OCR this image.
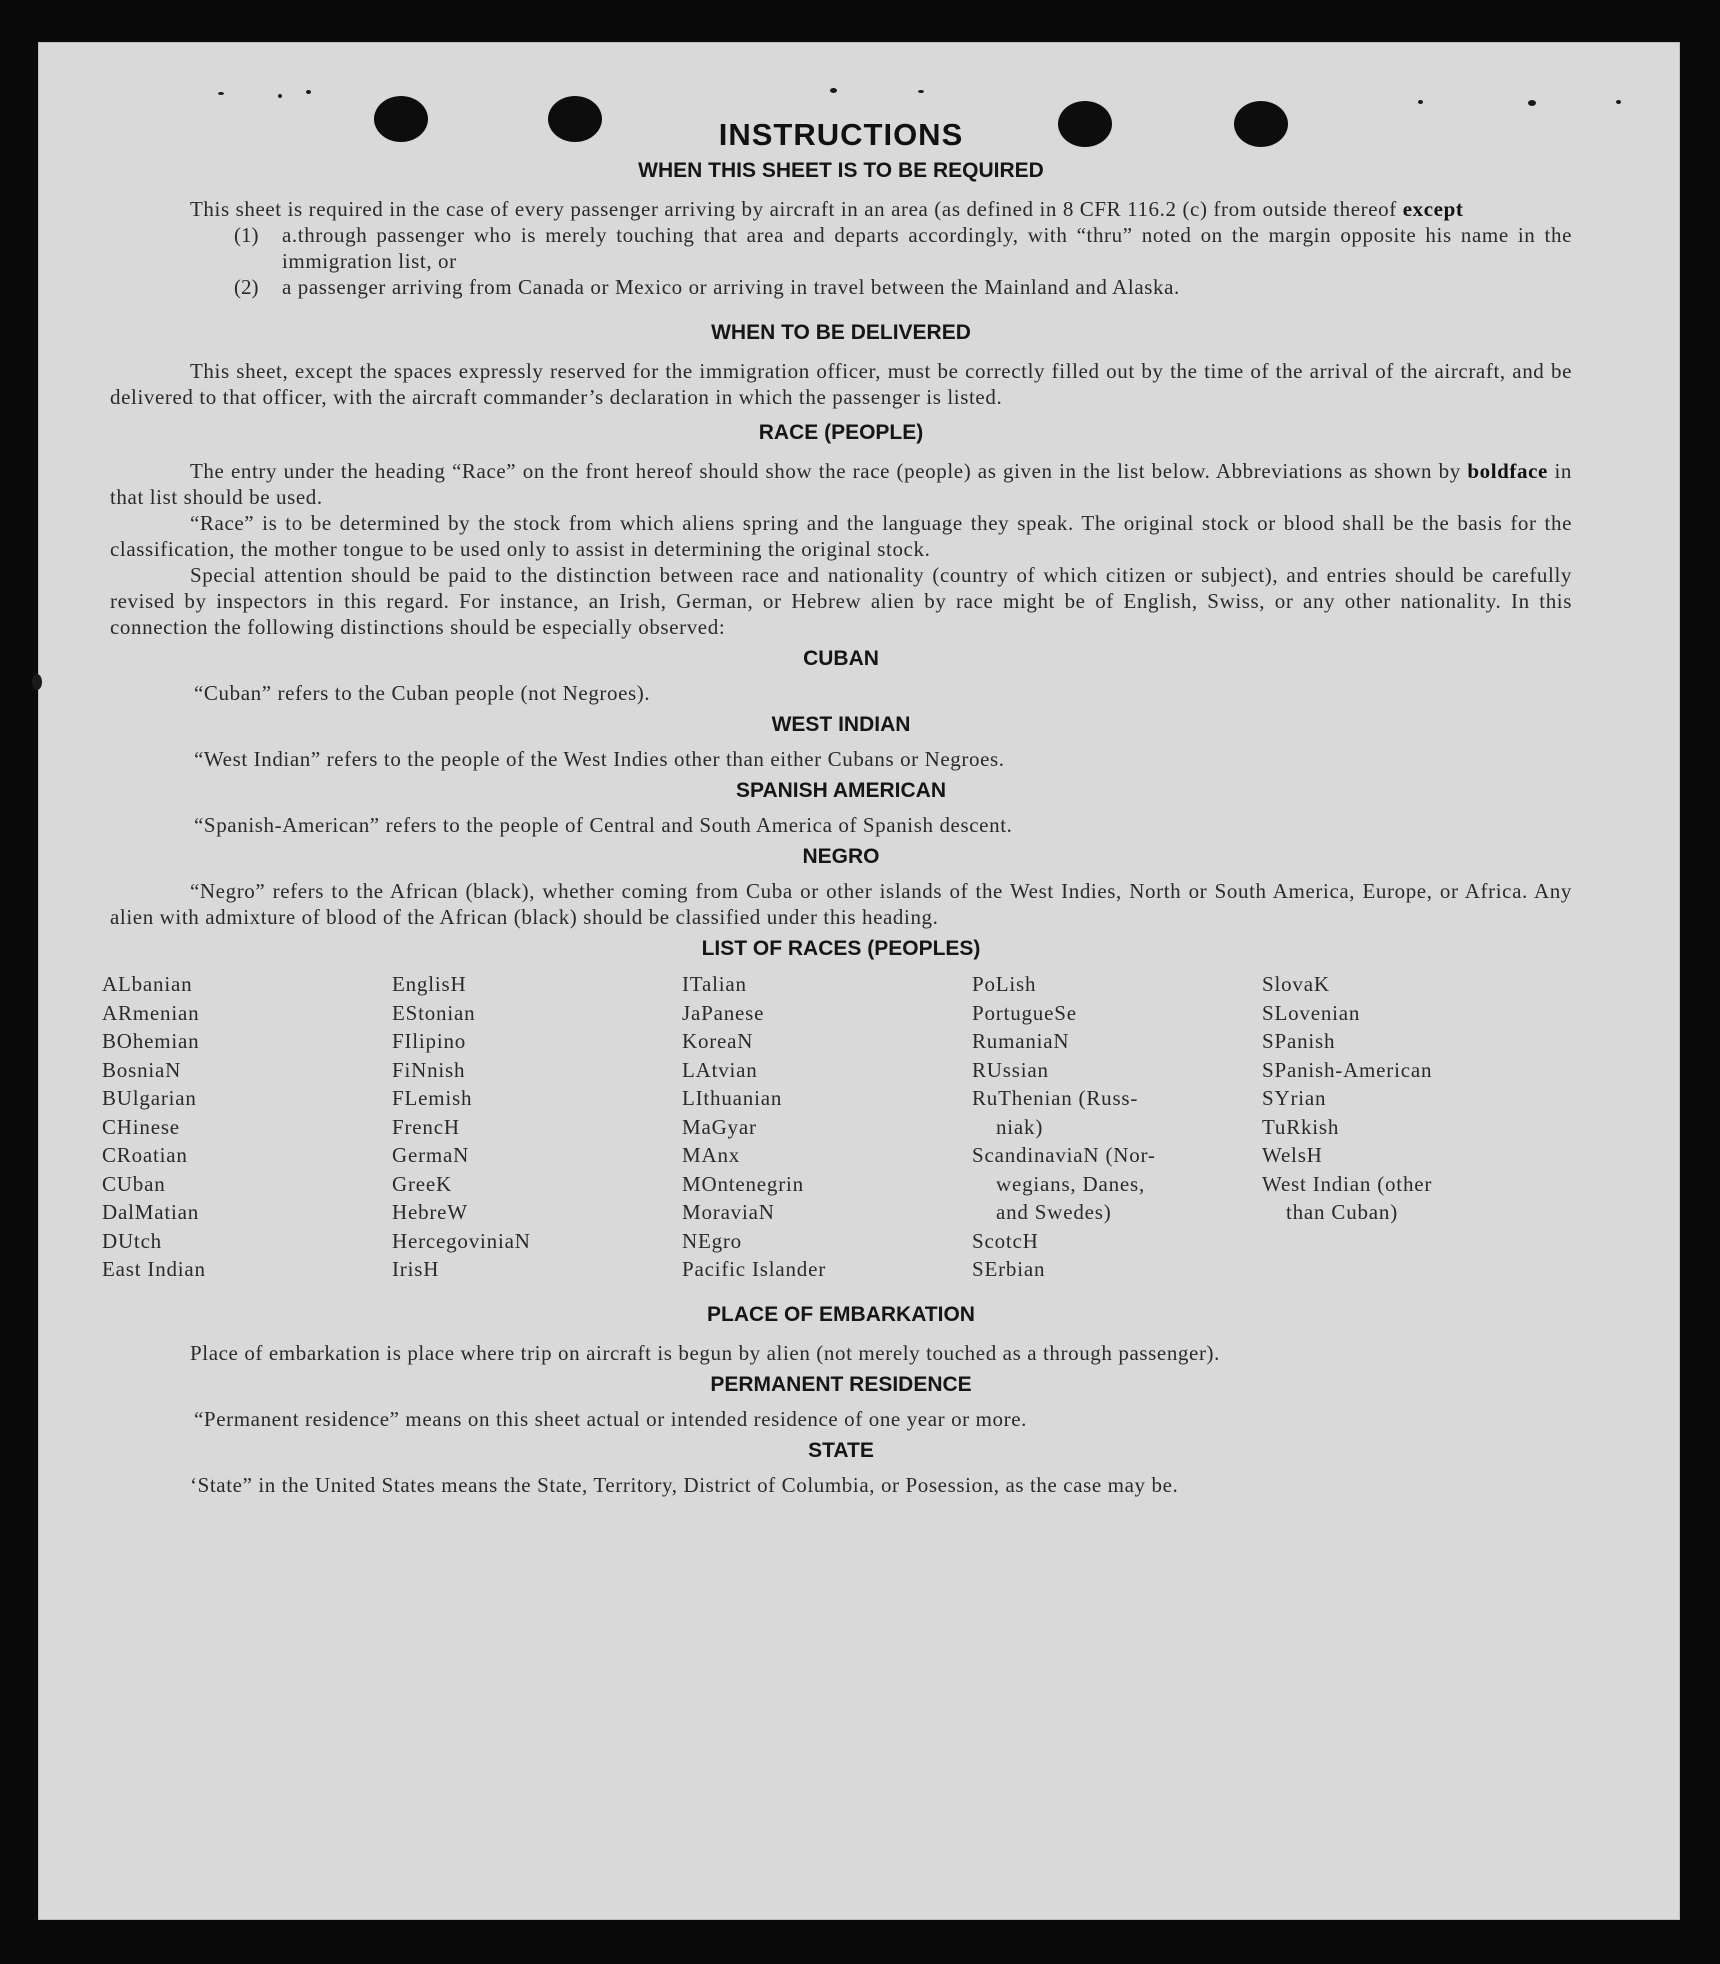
INSTRUCTIONS
WHEN THIS SHEET IS TO BE REQUIRED

This sheet is required in the case of every passenger arriving by aircraft in an area (as defined in 8 CFR 116.2 (c) from outside thereof except

(1)	a.through passenger who is merely touching that area and departs accordingly, with “thru” noted on the margin opposite his name in the immigration list, or
(2)	a passenger arriving from Canada or Mexico or arriving in travel between the Mainland and Alaska.
WHEN TO BE DELIVERED

This sheet, except the spaces expressly reserved for the immigration officer, must be correctly filled out by the time of the arrival of the aircraft, and be delivered to that officer, with the aircraft commander’s declaration in which the passenger is listed.

RACE (PEOPLE)

The entry under the heading “Race” on the front hereof should show the race (people) as given in the list below. Abbreviations as shown by boldface in that list should be used.

“Race” is to be determined by the stock from which aliens spring and the language they speak. The original stock or blood shall be the basis for the classification, the mother tongue to be used only to assist in determining the original stock.

Special attention should be paid to the distinction between race and nationality (country of which citizen or subject), and entries should be carefully revised by inspectors in this regard. For instance, an Irish, German, or Hebrew alien by race might be of English, Swiss, or any other nationality. In this connection the following distinctions should be especially observed:

CUBAN

“Cuban” refers to the Cuban people (not Negroes).

WEST INDIAN

“West Indian” refers to the people of the West Indies other than either Cubans or Negroes.

SPANISH AMERICAN

“Spanish-American” refers to the people of Central and South America of Spanish descent.

NEGRO

“Negro” refers to the African (black), whether coming from Cuba or other islands of the West Indies, North or South America, Europe, or Africa. Any alien with admixture of blood of the African (black) should be classified under this heading.

LIST OF RACES (PEOPLES)
ALbanian
ARmenian
BOhemian
BosniaN
BUlgarian
CHinese
CRoatian
CUban
DalMatian
DUtch
East Indian
EnglisH
EStonian
FIlipino
FiNnish
FLemish
FrencH
GermaN
GreeK
HebreW
HercegoviniaN
IrisH
ITalian
JaPanese
KoreaN
LAtvian
LIthuanian
MaGyar
MAnx
MOntenegrin
MoraviaN
NEgro
Pacific Islander
PoLish
PortugueSe
RumaniaN
RUssian
RuThenian (Russ-
niak)
ScandinaviaN (Nor-
wegians, Danes,
and Swedes)
ScotcH
SErbian
SlovaK
SLovenian
SPanish
SPanish-American
SYrian
TuRkish
WelsH
West Indian (other
than Cuban)
PLACE OF EMBARKATION

Place of embarkation is place where trip on aircraft is begun by alien (not merely touched as a through passenger).

PERMANENT RESIDENCE

“Permanent residence” means on this sheet actual or intended residence of one year or more.

STATE

‘State” in the United States means the State, Territory, District of Columbia, or Posession, as the case may be.
